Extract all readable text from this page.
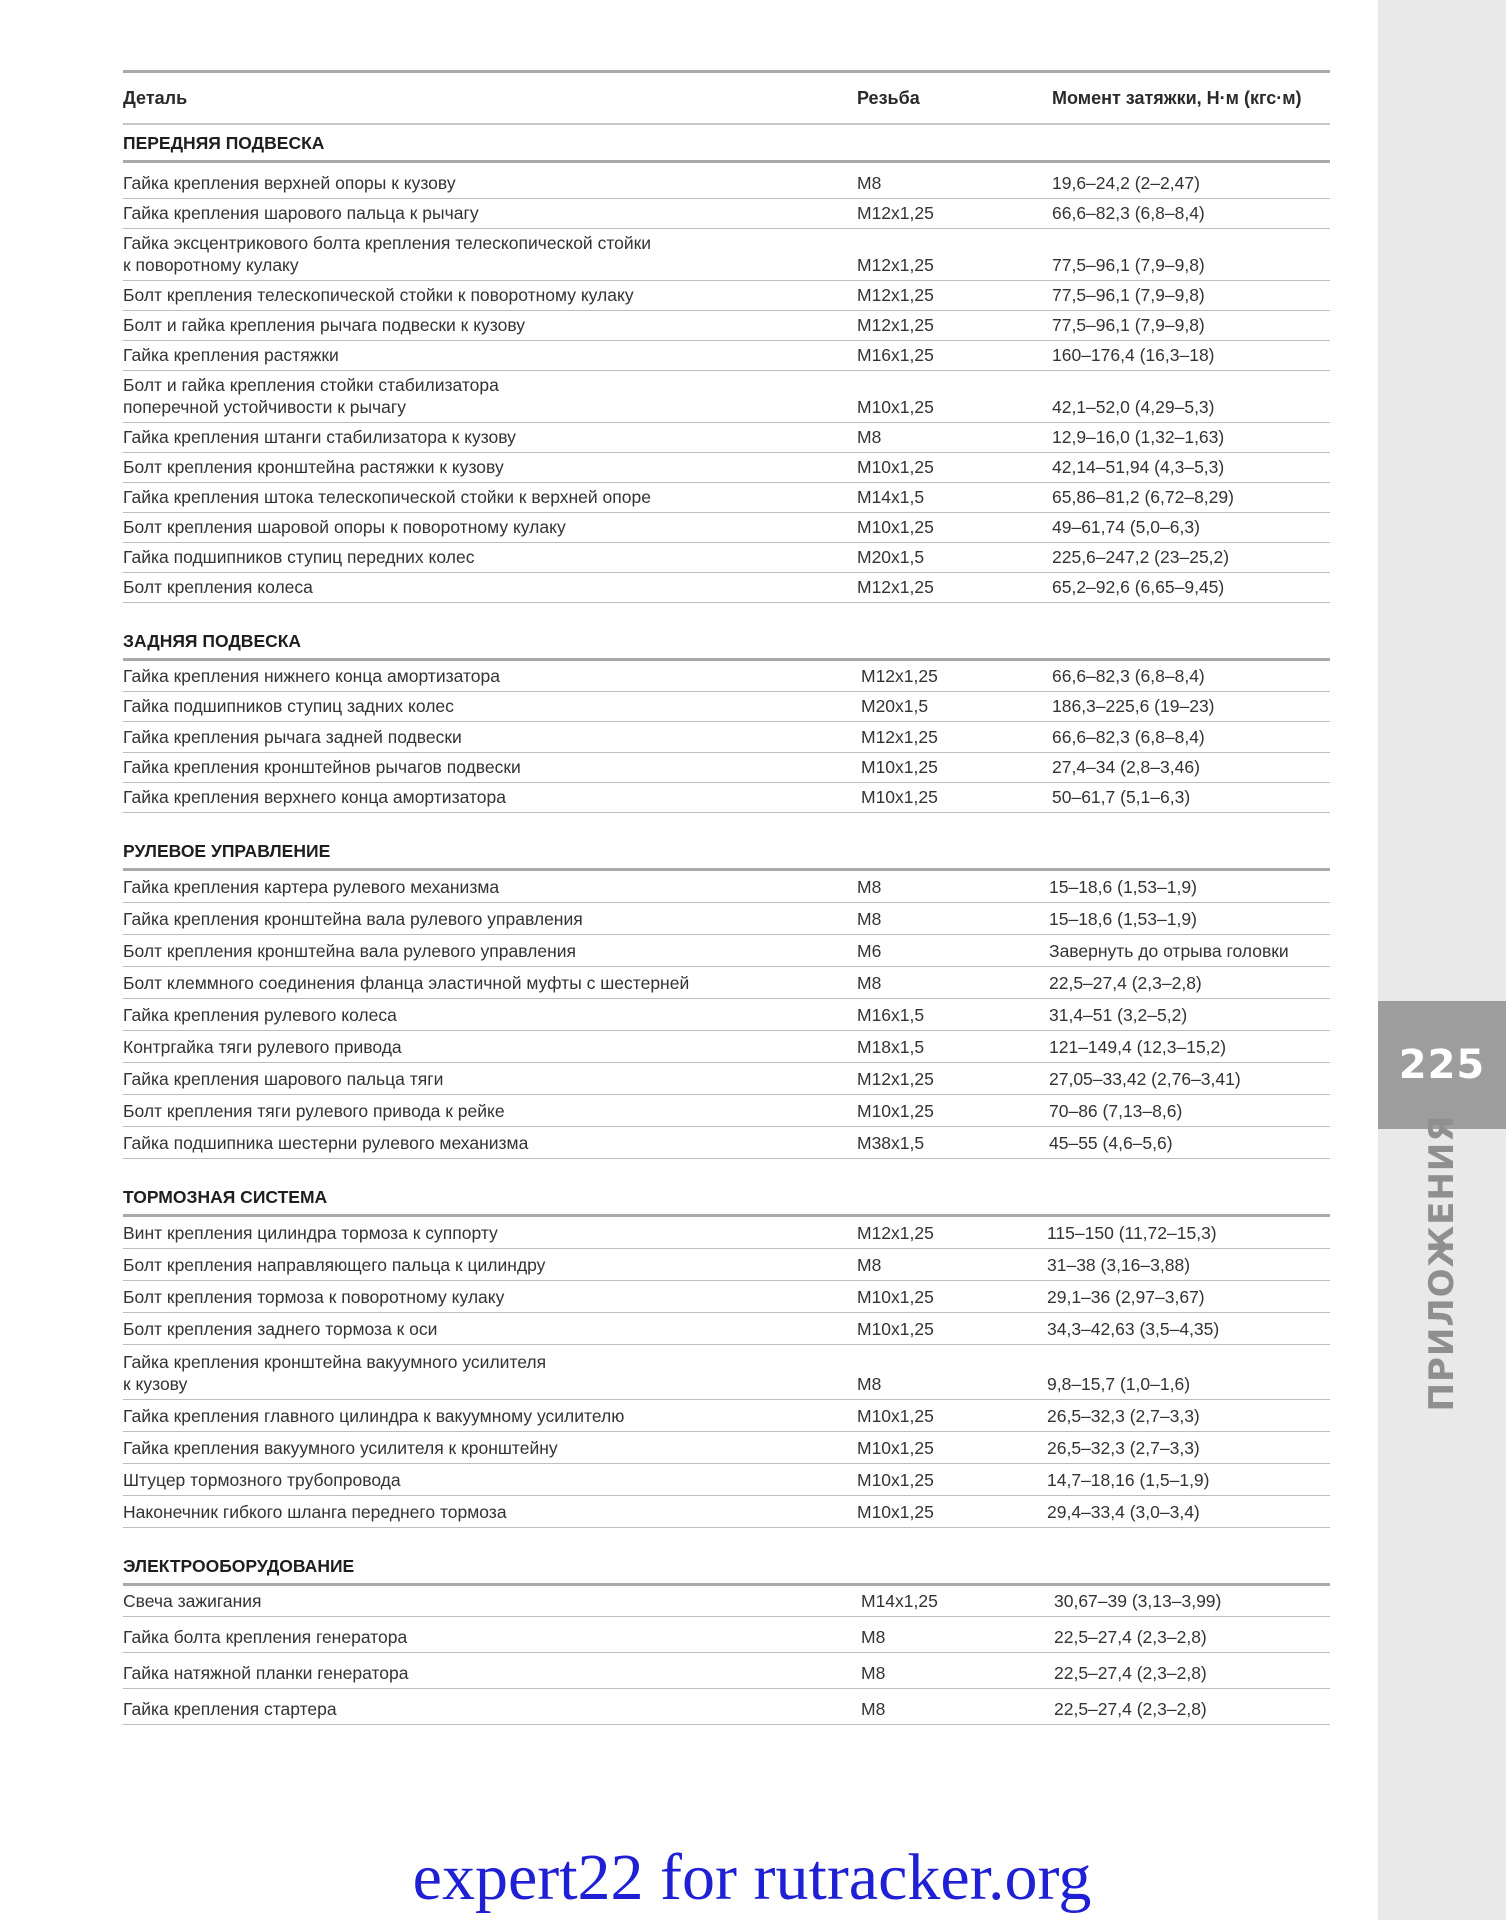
225
ПРИЛОЖЕНИЯ
Деталь	Резьба	Момент затяжки, Н·м (кгс·м)
ПЕРЕДНЯЯ ПОДВЕСКА
Гайка крепления верхней опоры к кузову	M8	19,6–24,2 (2–2,47)
Гайка крепления шарового пальца к рычагу	M12x1,25	66,6–82,3 (6,8–8,4)
Гайка эксцентрикового болта крепления телескопической стойки
к поворотному кулаку	M12x1,25	77,5–96,1 (7,9–9,8)
Болт крепления телескопической стойки к поворотному кулаку	M12x1,25	77,5–96,1 (7,9–9,8)
Болт и гайка крепления рычага подвески к кузову	M12x1,25	77,5–96,1 (7,9–9,8)
Гайка крепления растяжки	M16x1,25	160–176,4 (16,3–18)
Болт и гайка крепления стойки стабилизатора
поперечной устойчивости к рычагу	M10x1,25	42,1–52,0 (4,29–5,3)
Гайка крепления штанги стабилизатора к кузову	M8	12,9–16,0 (1,32–1,63)
Болт крепления кронштейна растяжки к кузову	M10x1,25	42,14–51,94 (4,3–5,3)
Гайка крепления штока телескопической стойки к верхней опоре	M14x1,5	65,86–81,2 (6,72–8,29)
Болт крепления шаровой опоры к поворотному кулаку	M10x1,25	49–61,74 (5,0–6,3)
Гайка подшипников ступиц передних колес	M20x1,5	225,6–247,2 (23–25,2)
Болт крепления колеса	M12x1,25	65,2–92,6 (6,65–9,45)
ЗАДНЯЯ ПОДВЕСКА
Гайка крепления нижнего конца амортизатора	M12x1,25	66,6–82,3 (6,8–8,4)
Гайка подшипников ступиц задних колес	M20x1,5	186,3–225,6 (19–23)
Гайка крепления рычага задней подвески	M12x1,25	66,6–82,3 (6,8–8,4)
Гайка крепления кронштейнов рычагов подвески	M10x1,25	27,4–34 (2,8–3,46)
Гайка крепления верхнего конца амортизатора	M10x1,25	50–61,7 (5,1–6,3)
РУЛЕВОЕ УПРАВЛЕНИЕ
Гайка крепления картера рулевого механизма	M8	15–18,6 (1,53–1,9)
Гайка крепления кронштейна вала рулевого управления	M8	15–18,6 (1,53–1,9)
Болт крепления кронштейна вала рулевого управления	M6	Завернуть до отрыва головки
Болт клеммного соединения фланца эластичной муфты с шестерней	M8	22,5–27,4 (2,3–2,8)
Гайка крепления рулевого колеса	M16x1,5	31,4–51 (3,2–5,2)
Контргайка тяги рулевого привода	M18x1,5	121–149,4 (12,3–15,2)
Гайка крепления шарового пальца тяги	M12x1,25	27,05–33,42 (2,76–3,41)
Болт крепления тяги рулевого привода к рейке	M10x1,25	70–86 (7,13–8,6)
Гайка подшипника шестерни рулевого механизма	M38x1,5	45–55 (4,6–5,6)
ТОРМОЗНАЯ СИСТЕМА
Винт крепления цилиндра тормоза к суппорту	M12x1,25	115–150 (11,72–15,3)
Болт крепления направляющего пальца к цилиндру	M8	31–38 (3,16–3,88)
Болт крепления тормоза к поворотному кулаку	M10x1,25	29,1–36 (2,97–3,67)
Болт крепления заднего тормоза к оси	M10x1,25	34,3–42,63 (3,5–4,35)
Гайка крепления кронштейна вакуумного усилителя
к кузову	M8	9,8–15,7 (1,0–1,6)
Гайка крепления главного цилиндра к вакуумному усилителю	M10x1,25	26,5–32,3 (2,7–3,3)
Гайка крепления вакуумного усилителя к кронштейну	M10x1,25	26,5–32,3 (2,7–3,3)
Штуцер тормозного трубопровода	M10x1,25	14,7–18,16 (1,5–1,9)
Наконечник гибкого шланга переднего тормоза	M10x1,25	29,4–33,4 (3,0–3,4)
ЭЛЕКТРООБОРУДОВАНИЕ
Свеча зажигания	M14x1,25	30,67–39 (3,13–3,99)
Гайка болта крепления генератора	M8	22,5–27,4 (2,3–2,8)
Гайка натяжной планки генератора	M8	22,5–27,4 (2,3–2,8)
Гайка крепления стартера	M8	22,5–27,4 (2,3–2,8)
expert22 for rutracker.org
